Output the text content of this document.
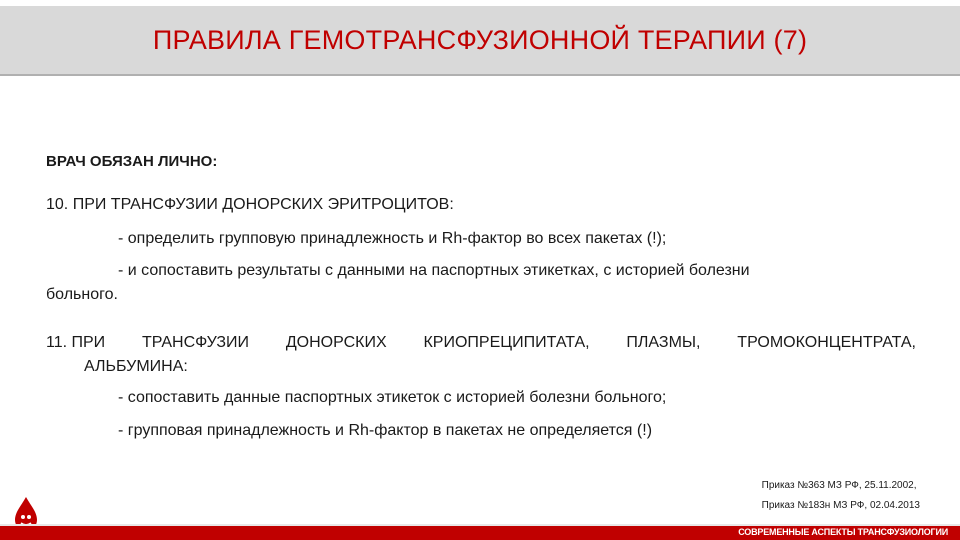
ПРАВИЛА ГЕМОТРАНСФУЗИОННОЙ ТЕРАПИИ (7)
ВРАЧ ОБЯЗАН ЛИЧНО:
10. ПРИ ТРАНСФУЗИИ ДОНОРСКИХ ЭРИТРОЦИТОВ:
- определить групповую принадлежность и Rh-фактор во всех пакетах (!);
- и сопоставить результаты с данными на паспортных этикетках, с историей болезни
больного.
11. ПРИ ТРАНСФУЗИИ ДОНОРСКИХ КРИОПРЕЦИПИТАТА, ПЛАЗМЫ, ТРОМОКОНЦЕНТРАТА,
АЛЬБУМИНА:
- сопоставить данные паспортных этикеток с историей болезни больного;
- групповая принадлежность и Rh-фактор в пакетах не определяется (!)
Приказ №363 МЗ РФ, 25.11.2002,
Приказ №183н МЗ РФ, 02.04.2013
СОВРЕМЕННЫЕ АСПЕКТЫ ТРАНСФУЗИОЛОГИИ
